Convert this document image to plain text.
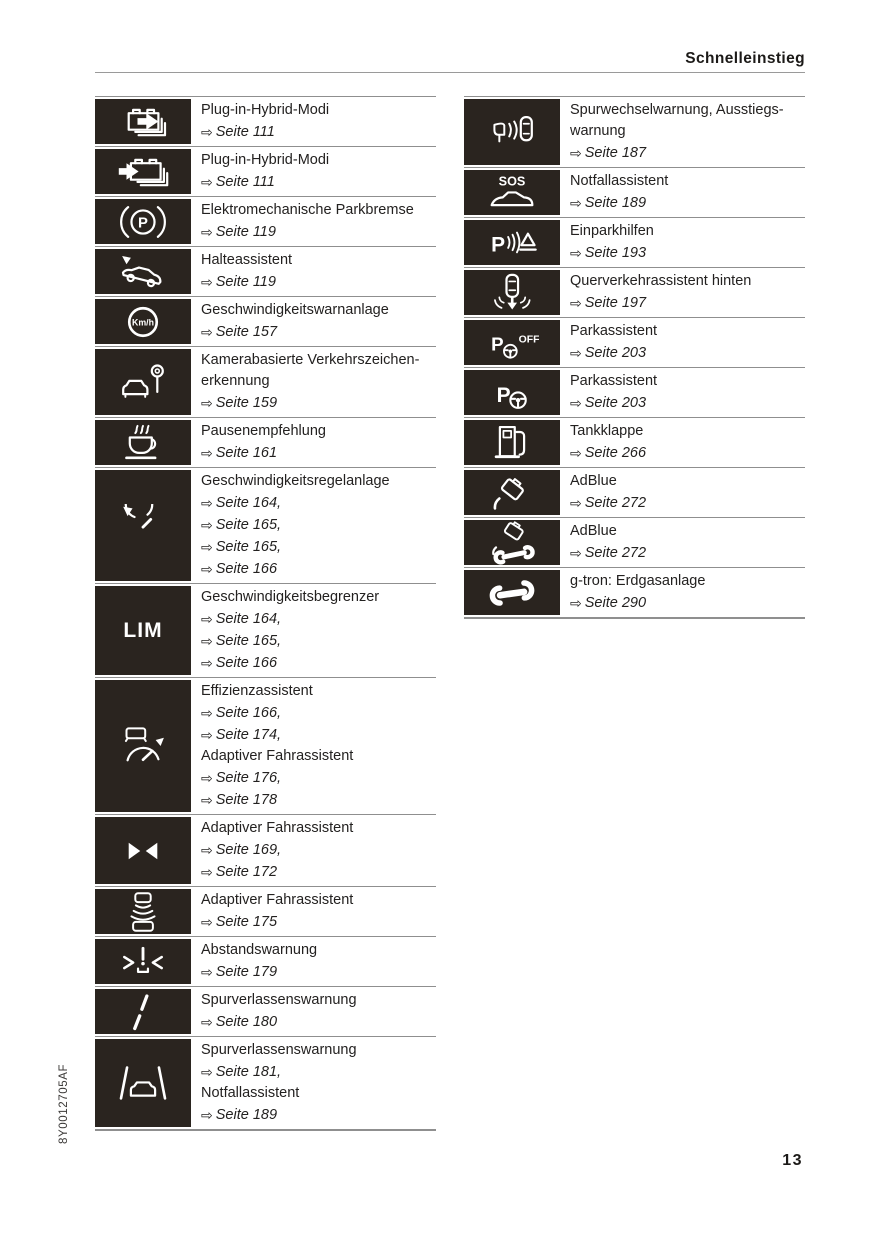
Schnelleinstieg
Plug-in-Hybrid-Modi
⇨ Seite 111
Plug-in-Hybrid-Modi
⇨ Seite 111
P
Elektromechanische Parkbremse
⇨ Seite 119
Halteassistent
⇨ Seite 119
Km/h
Geschwindigkeitswarnanlage
⇨ Seite 157
Kamerabasierte Verkehrszeichen-
erkennung
⇨ Seite 159
Pausenempfehlung
⇨ Seite 161
Geschwindigkeitsregelanlage
⇨ Seite 164,
⇨ Seite 165,
⇨ Seite 165,
⇨ Seite 166
LIM
Geschwindigkeitsbegrenzer
⇨ Seite 164,
⇨ Seite 165,
⇨ Seite 166
Effizienzassistent
⇨ Seite 166,
⇨ Seite 174,
Adaptiver Fahrassistent
⇨ Seite 176,
⇨ Seite 178
Adaptiver Fahrassistent
⇨ Seite 169,
⇨ Seite 172
Adaptiver Fahrassistent
⇨ Seite 175
Abstandswarnung
⇨ Seite 179
Spurverlassenswarnung
⇨ Seite 180
Spurverlassenswarnung
⇨ Seite 181,
Notfallassistent
⇨ Seite 189
Spurwechselwarnung, Ausstiegs-
warnung
⇨ Seite 187
SOS	Notfallassistent
⇨ Seite 189
P
Einparkhilfen
⇨ Seite 193
Querverkehrassistent hinten
⇨ Seite 197
P OFF
Parkassistent
⇨ Seite 203
P
Parkassistent
⇨ Seite 203
Tankklappe
⇨ Seite 266
AdBlue
⇨ Seite 272
AdBlue
⇨ Seite 272
g-tron: Erdgasanlage
⇨ Seite 290
8Y0012705AF
13
